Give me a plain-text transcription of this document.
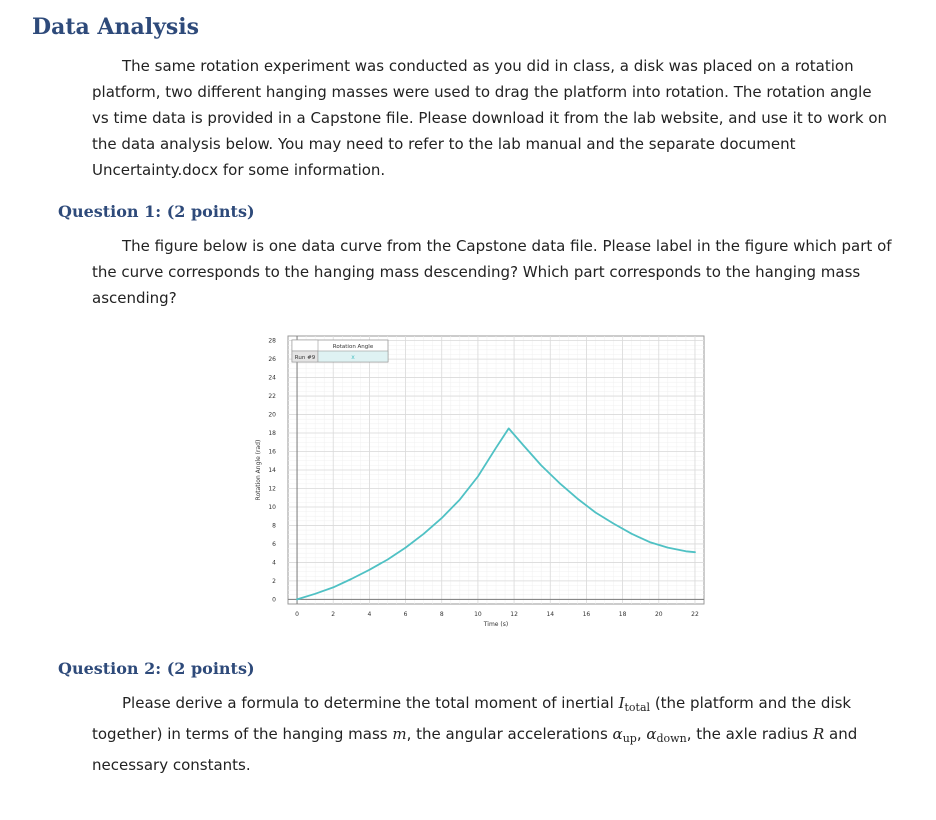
Data Analysis

The same rotation experiment was conducted as you did in class, a disk was placed on a rotation platform, two different hanging masses were used to drag the platform into rotation. The rotation angle vs time data is provided in a Capstone file. Please download it from the lab website, and use it to work on the data analysis below. You may need to refer to the lab manual and the separate document Uncertainty.docx for some information.

Question 1: (2 points)

The figure below is one data curve from the Capstone data file. Please label in the figure which part of the curve corresponds to the hanging mass descending? Which part corresponds to the hanging mass ascending?

0	2	4	6	8	10	12	14	16	18	20	22
0
2
4
6
8
10
12
14
16
18
20
22
24
26
28
Time (s)
Rotation Angle (rad)
Rotation Angle
Run #9	x
Question 2: (2 points)

Please derive a formula to determine the total moment of inertial $I_{total}$ (the platform and the disk together) in terms of the hanging mass m, the angular accelerations $\alpha_{up}$, $\alpha_{down}$, the axle radius R and necessary constants.
